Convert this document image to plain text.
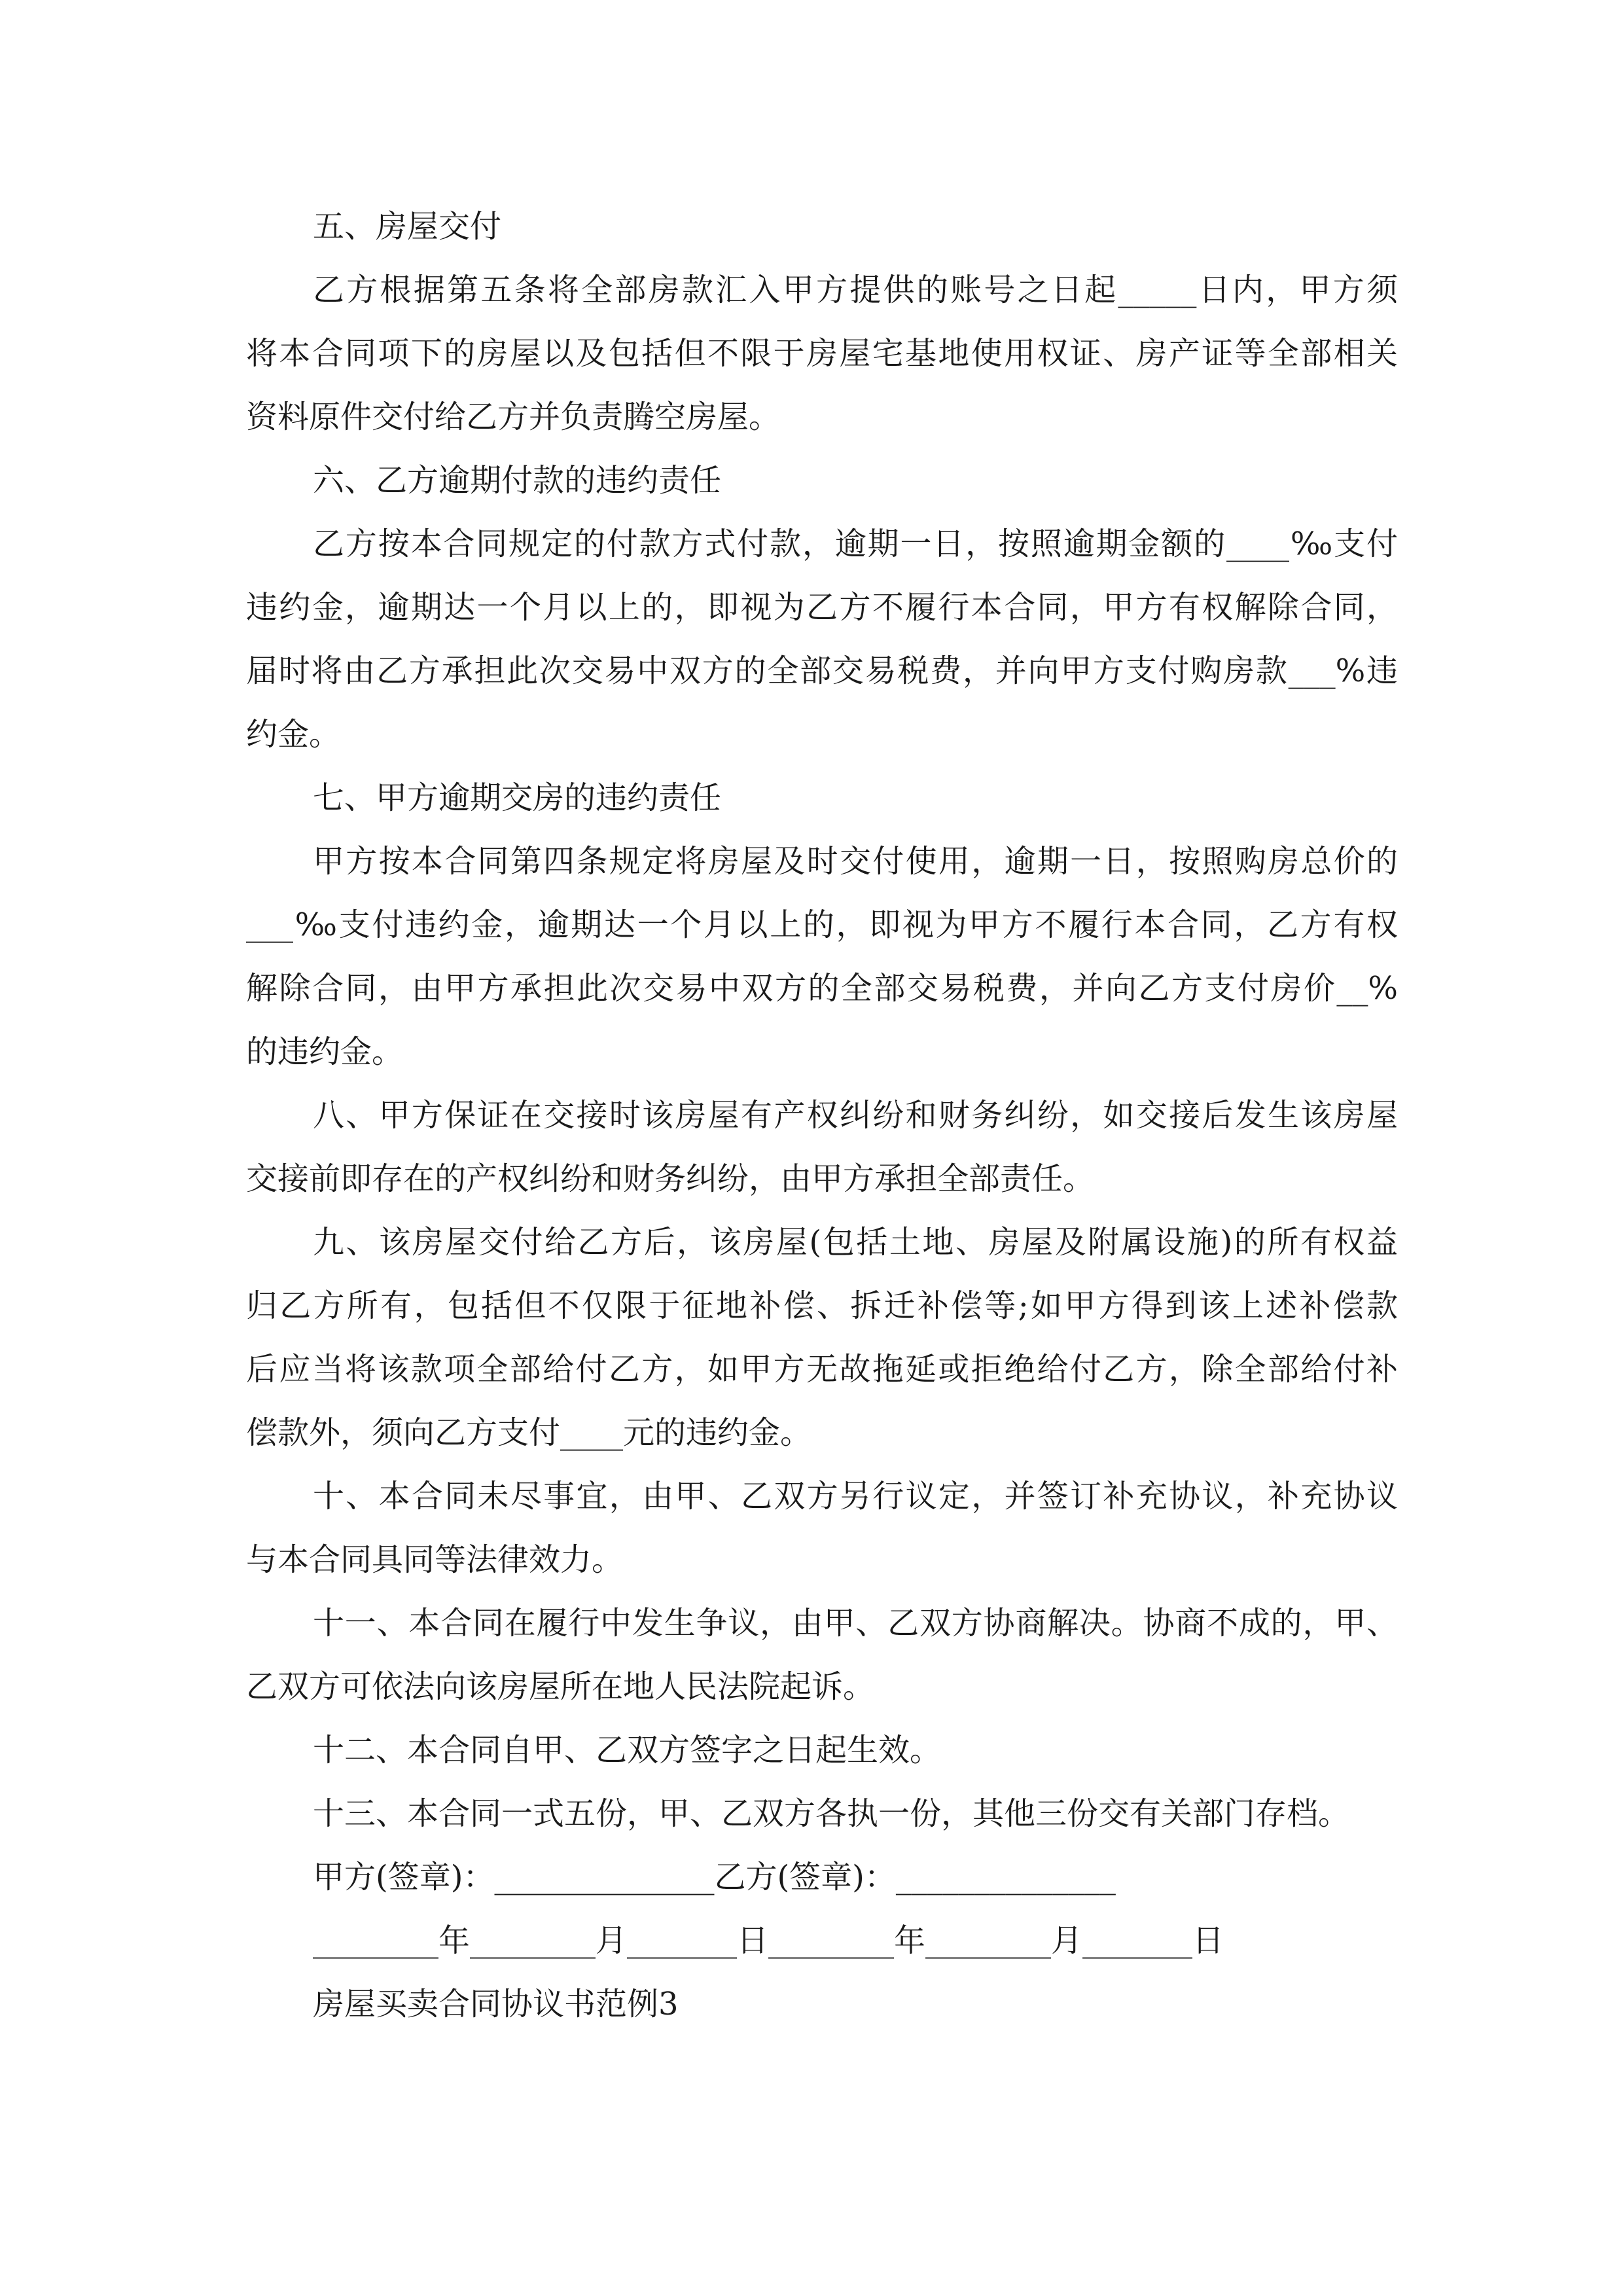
五、房屋交付
乙方根据第五条将全部房款汇入甲方提供的账号之日起_____日内，甲方须
将本合同项下的房屋以及包括但不限于房屋宅基地使用权证、房产证等全部相关
资料原件交付给乙方并负责腾空房屋。
六、乙方逾期付款的违约责任
乙方按本合同规定的付款方式付款，逾期一日，按照逾期金额的____‰支付
违约金，逾期达一个月以上的，即视为乙方不履行本合同，甲方有权解除合同，
届时将由乙方承担此次交易中双方的全部交易税费，并向甲方支付购房款___%违
约金。
七、甲方逾期交房的违约责任
甲方按本合同第四条规定将房屋及时交付使用，逾期一日，按照购房总价的
___‰支付违约金，逾期达一个月以上的，即视为甲方不履行本合同，乙方有权
解除合同，由甲方承担此次交易中双方的全部交易税费，并向乙方支付房价__%
的违约金。
八、甲方保证在交接时该房屋有产权纠纷和财务纠纷，如交接后发生该房屋
交接前即存在的产权纠纷和财务纠纷，由甲方承担全部责任。
九、该房屋交付给乙方后，该房屋(包括土地、房屋及附属设施)的所有权益
归乙方所有，包括但不仅限于征地补偿、拆迁补偿等;如甲方得到该上述补偿款
后应当将该款项全部给付乙方，如甲方无故拖延或拒绝给付乙方，除全部给付补
偿款外，须向乙方支付____元的违约金。
十、本合同未尽事宜，由甲、乙双方另行议定，并签订补充协议，补充协议
与本合同具同等法律效力。
十一、本合同在履行中发生争议，由甲、乙双方协商解决。协商不成的，甲、
乙双方可依法向该房屋所在地人民法院起诉。
十二、本合同自甲、乙双方签字之日起生效。
十三、本合同一式五份，甲、乙双方各执一份，其他三份交有关部门存档。
甲方(签章)：______________乙方(签章)：______________
________年________月_______日________年________月_______日
房屋买卖合同协议书范例3
